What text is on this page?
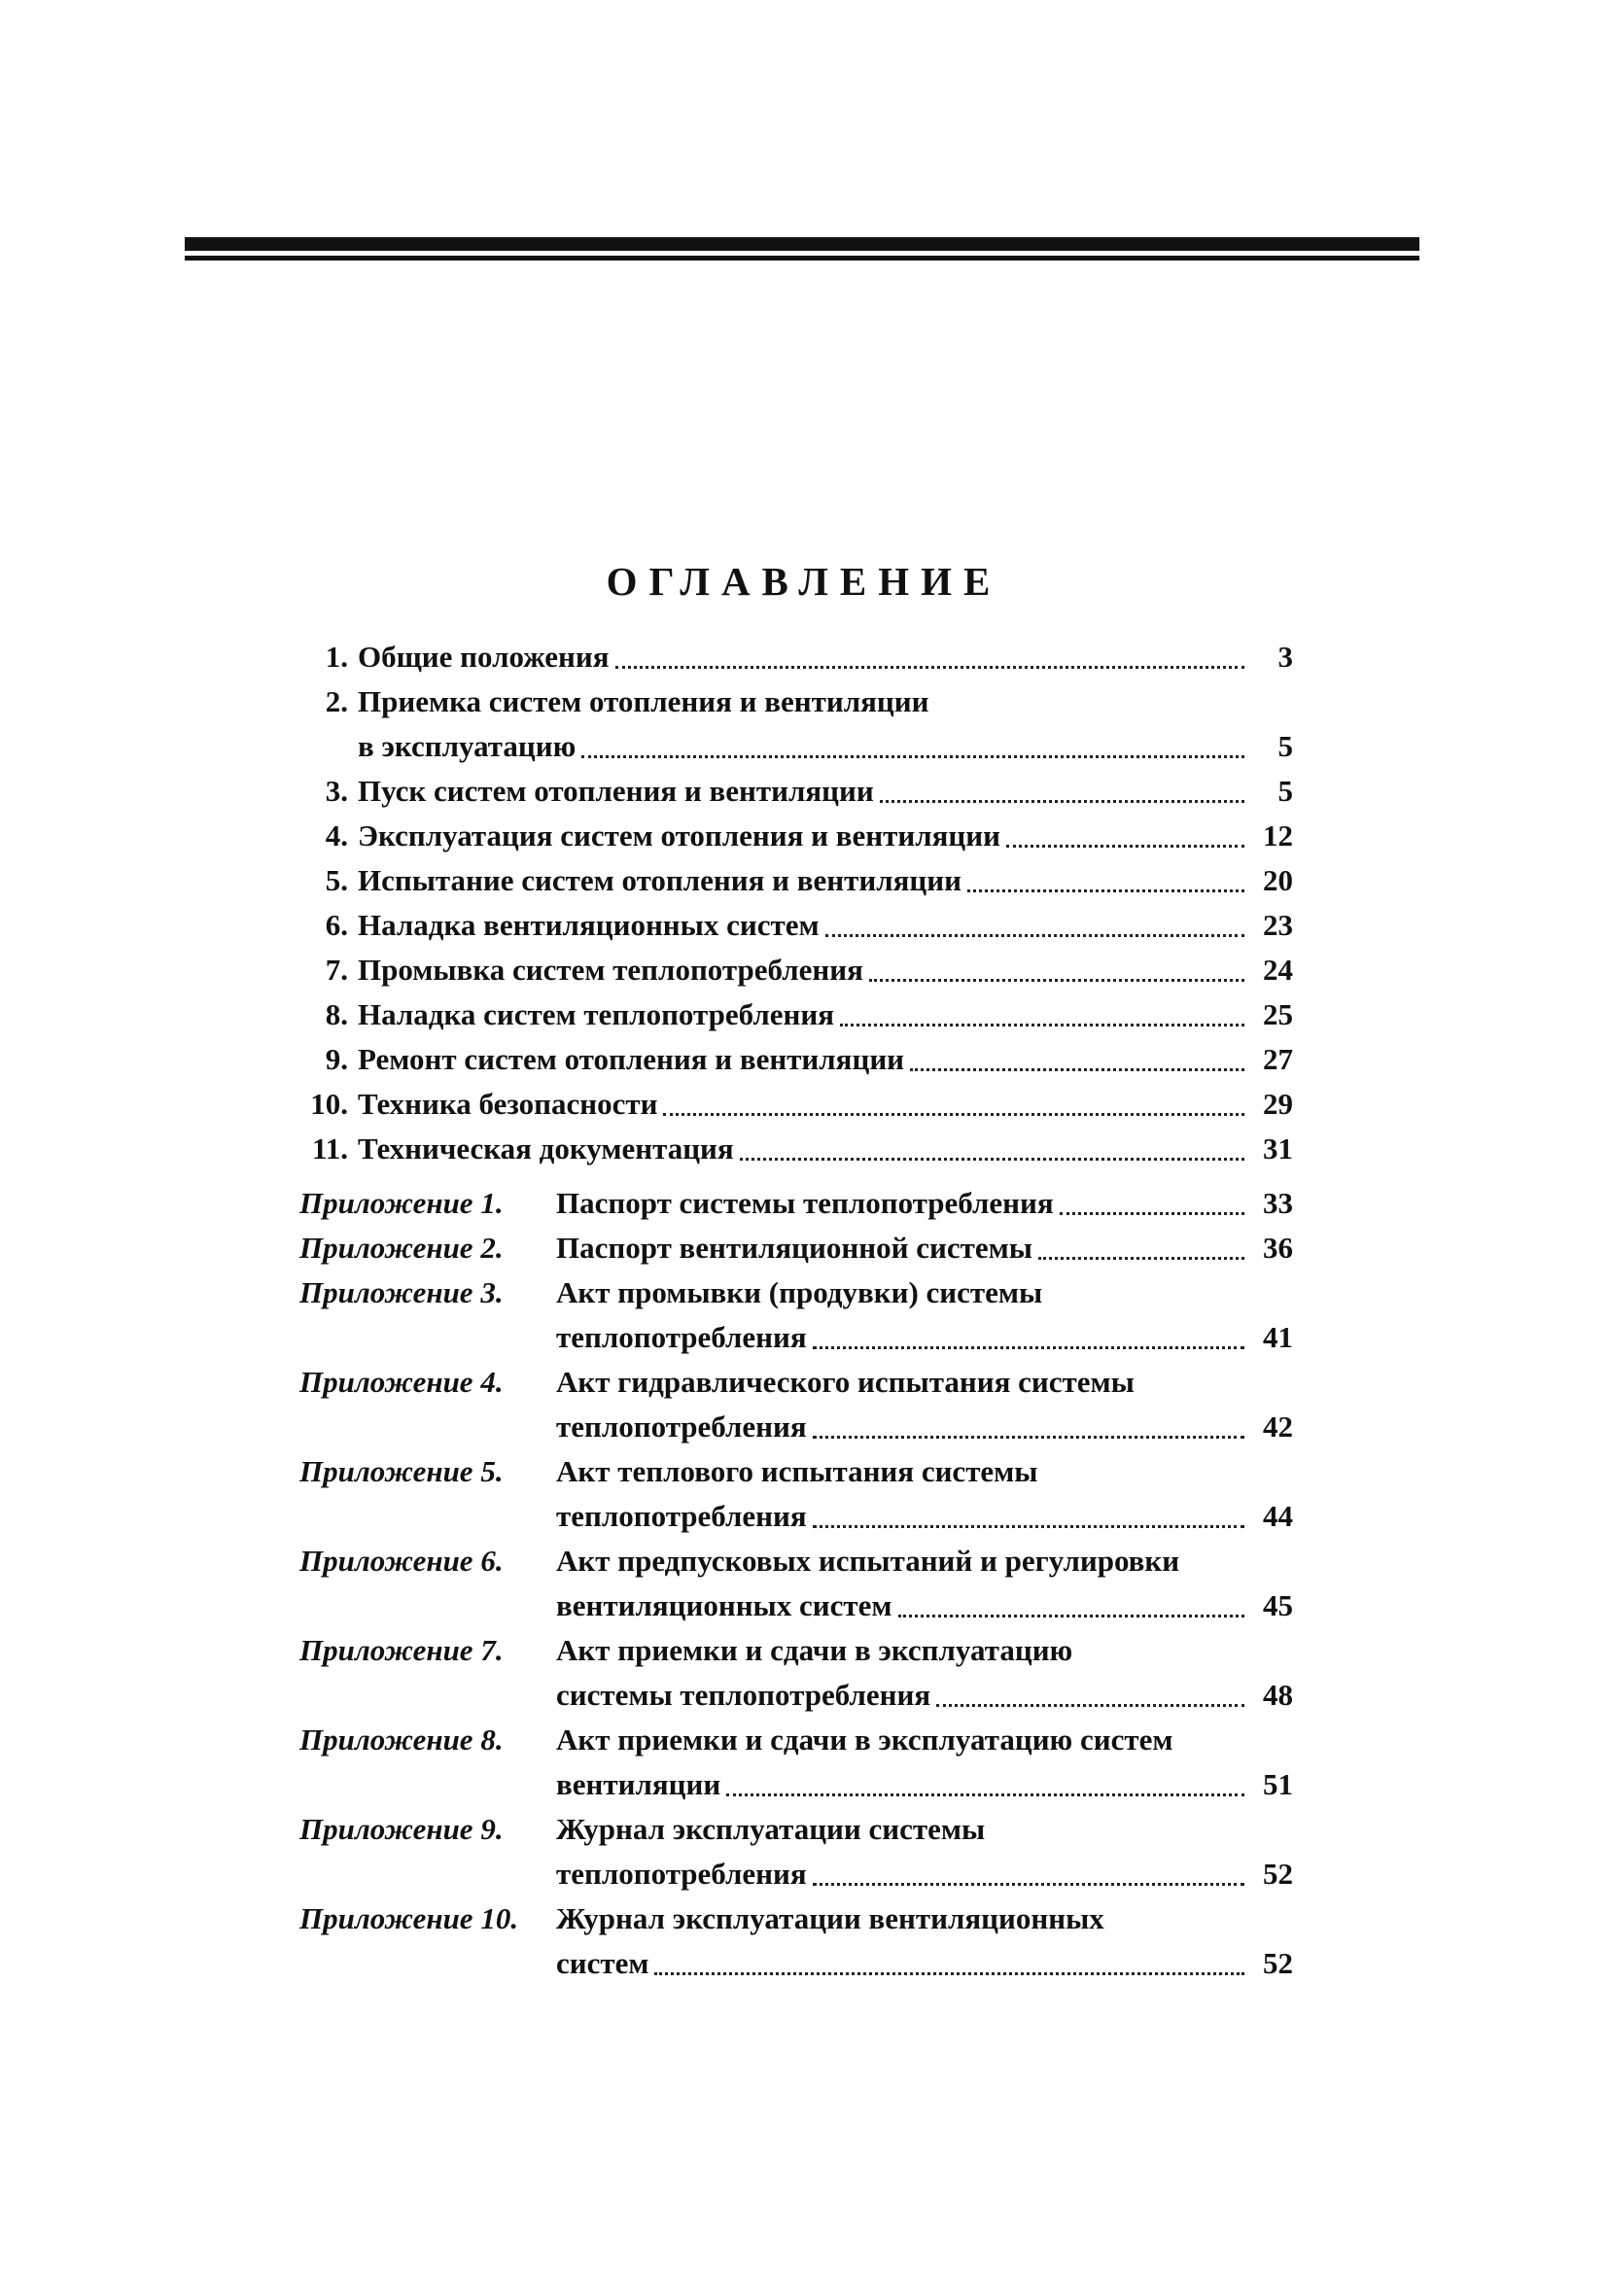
ОГЛАВЛЕНИЕ
1. Общие положения	3
2. Приемка систем отопления и вентиляции
в эксплуатацию	5
3. Пуск систем отопления и вентиляции	5
4. Эксплуатация систем отопления и вентиляции	12
5. Испытание систем отопления и вентиляции	20
6. Наладка вентиляционных систем	23
7. Промывка систем теплопотребления	24
8. Наладка систем теплопотребления	25
9. Ремонт систем отопления и вентиляции	27
10. Техника безопасности	29
11. Техническая документация	31
Приложение 1. Паспорт системы теплопотребления	33
Приложение 2. Паспорт вентиляционной системы	36
Приложение 3. Акт промывки (продувки) системы
теплопотребления	41
Приложение 4. Акт гидравлического испытания системы
теплопотребления	42
Приложение 5. Акт теплового испытания системы
теплопотребления	44
Приложение 6. Акт предпусковых испытаний и регулировки
вентиляционных систем	45
Приложение 7. Акт приемки и сдачи в эксплуатацию
системы теплопотребления	48
Приложение 8. Акт приемки и сдачи в эксплуатацию систем
вентиляции	51
Приложение 9. Журнал эксплуатации системы
теплопотребления	52
Приложение 10. Журнал эксплуатации вентиляционных
систем	52
